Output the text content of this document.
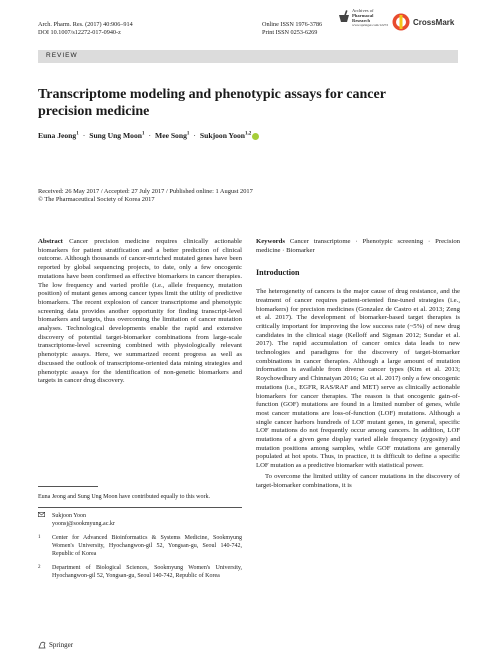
Arch. Pharm. Res. (2017) 40:906–914
DOI 10.1007/s12272-017-0940-z
Online ISSN 1976-3786
Print ISSN 0253-6269
Archives of
Pharmacal
Research
www.springer.com/12272	CrossMark
REVIEW
Transcriptome modeling and phenotypic assays for cancer precision medicine
Euna Jeong$^1$ · Sung Ung Moon$^1$ · Mee Song$^1$ · Sukjoon Yoon$^{1,2}$
Received: 26 May 2017 / Accepted: 27 July 2017 / Published online: 1 August 2017
© The Pharmaceutical Society of Korea 2017
Abstract Cancer precision medicine requires clinically actionable biomarkers for patient stratification and a better prediction of clinical outcome. Although thousands of cancer-enriched mutated genes have been reported by global sequencing projects, to date, only a few oncogenic mutations have been confirmed as effective biomarkers in cancer therapies. The low frequency and varied profile (i.e., allele frequency, mutation position) of mutant genes among cancer types limit the utility of predictive biomarkers. The recent explosion of cancer transcriptome and phenotypic screening data provides another opportunity for finding transcript-level biomarkers and targets, thus overcoming the limitation of cancer mutation analyses. Technological developments enable the rapid and extensive discovery of potential target-biomarker combinations from large-scale transcriptome-level screening combined with physiologically relevant phenotypic assays. Here, we summarized recent progress as well as discussed the outlook of transcriptome-oriented data mining strategies and phenotypic assays for the identification of non-genetic biomarkers and targets in cancer drug discovery.
Euna Jeong and Sung Ung Moon have contributed equally to this work.
Sukjoon Yoon
yoonsj@sookmyung.ac.kr
1	Center for Advanced Bioinformatics & Systems Medicine, Sookmyung Women's University, Hyochangwon-gil 52, Yongsan-gu, Seoul 140-742, Republic of Korea
2	Department of Biological Sciences, Sookmyung Women's University, Hyochangwon-gil 52, Yongsan-gu, Seoul 140-742, Republic of Korea
Keywords Cancer transcriptome · Phenotypic screening · Precision medicine · Biomarker
Introduction
The heterogeneity of cancers is the major cause of drug resistance, and the treatment of cancer requires patient-oriented fine-tuned strategies (i.e., biomarkers) for precision medicines (Gonzalez de Castro et al. 2013; Zeng et al. 2017). The development of biomarker-based target therapies is critically important for improving the low success rate (~5%) of new drug candidates in the clinical stage (Kelloff and Sigman 2012; Sundar et al. 2017). The rapid accumulation of cancer omics data leads to new technologies and paradigms for the discovery of target-biomarker combinations in cancer therapies. Although a large amount of mutation information is available from diverse cancer types (Kim et al. 2013; Roychowdhury and Chinnaiyan 2016; Gu et al. 2017) only a few oncogenic mutations (i.e., EGFR, RAS/RAF and MET) serve as clinically actionable biomarkers for cancer therapies. The reason is that oncogenic gain-of-function (GOF) mutations are found in a limited number of genes, while most cancer mutations are loss-of-function (LOF) mutations. Although a single cancer harbors hundreds of LOF mutant genes, in general, specific LOF mutations do not frequently occur among cancers. In addition, LOF mutations of a given gene display varied allele frequency (zygosity) and mutation positions among samples, while GOF mutations are generally populated at hot spots. Thus, in practice, it is difficult to define a specific LOF mutation as a predictive biomarker with statistical power.
To overcome the limited utility of cancer mutations in the discovery of target-biomarker combinations, it is
Springer
